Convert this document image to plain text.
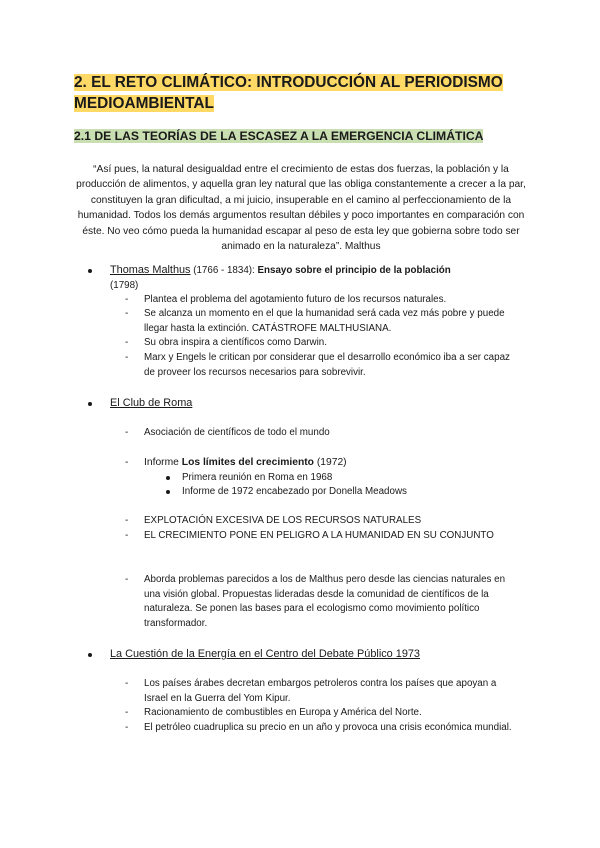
2. EL RETO CLIMÁTICO: INTRODUCCIÓN AL PERIODISMO MEDIOAMBIENTAL
2.1 DE LAS TEORÍAS DE LA ESCASEZ A LA EMERGENCIA CLIMÁTICA
“Así pues, la natural desigualdad entre el crecimiento de estas dos fuerzas, la población y la producción de alimentos, y aquella gran ley natural que las obliga constantemente a crecer a la par, constituyen la gran dificultad, a mi juicio, insuperable en el camino al perfeccionamiento de la humanidad. Todos los demás argumentos resultan débiles y poco importantes en comparación con éste. No veo cómo pueda la humanidad escapar al peso de esta ley que gobierna sobre todo ser animado en la naturaleza”. Malthus
Thomas Malthus (1766 - 1834): Ensayo sobre el principio de la población
(1798)
- Plantea el problema del agotamiento futuro de los recursos naturales.
- Se alcanza un momento en el que la humanidad será cada vez más pobre y puede llegar hasta la extinción. CATÁSTROFE MALTHUSIANA.
- Su obra inspira a científicos como Darwin.
- Marx y Engels le critican por considerar que el desarrollo económico iba a ser capaz de proveer los recursos necesarios para sobrevivir.
El Club de Roma
- Asociación de científicos de todo el mundo
- Informe Los límites del crecimiento (1972)
Primera reunión en Roma en 1968
Informe de 1972 encabezado por Donella Meadows
- EXPLOTACIÓN EXCESIVA DE LOS RECURSOS NATURALES
- EL CRECIMIENTO PONE EN PELIGRO A LA HUMANIDAD EN SU CONJUNTO
- Aborda problemas parecidos a los de Malthus pero desde las ciencias naturales en una visión global. Propuestas lideradas desde la comunidad de científicos de la naturaleza. Se ponen las bases para el ecologismo como movimiento político transformador.
La Cuestión de la Energía en el Centro del Debate Público 1973
- Los países árabes decretan embargos petroleros contra los países que apoyan a Israel en la Guerra del Yom Kipur.
- Racionamiento de combustibles en Europa y América del Norte.
- El petróleo cuadruplica su precio en un año y provoca una crisis económica mundial.
